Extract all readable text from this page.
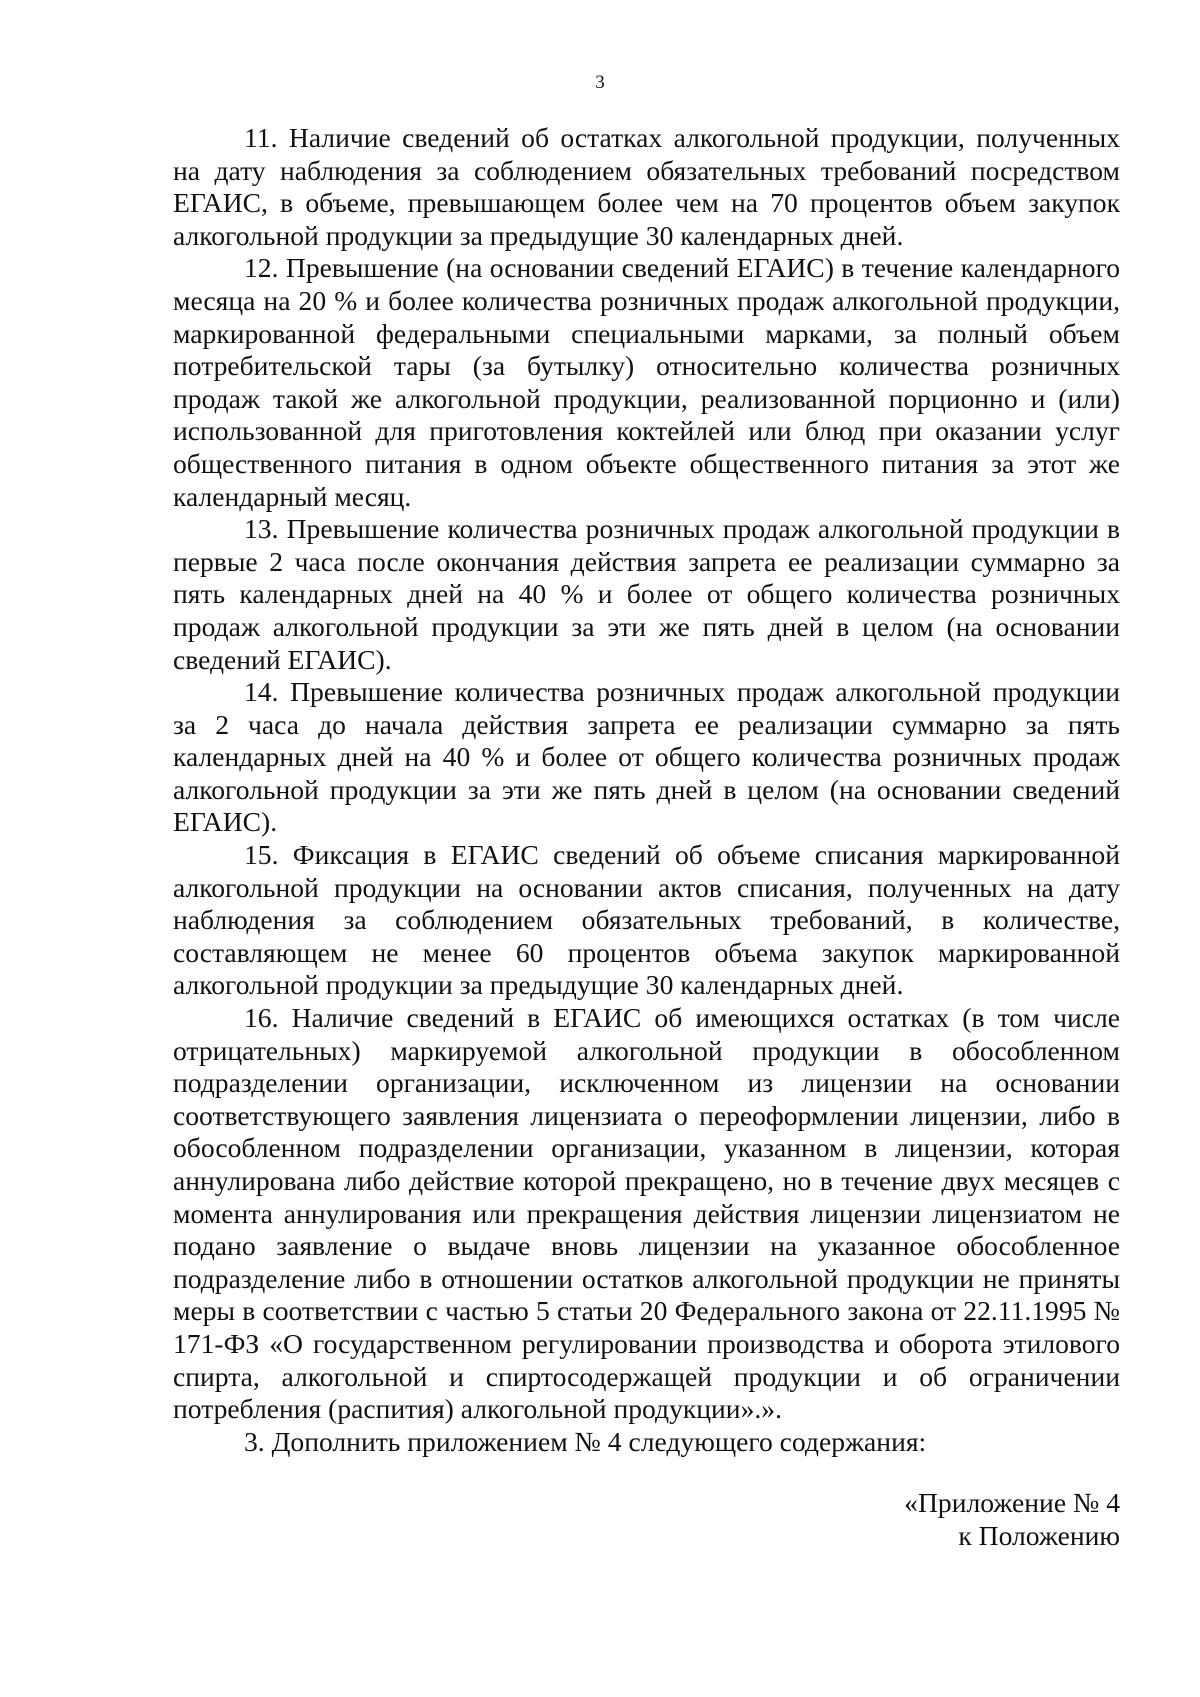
3

11. Наличие сведений об остатках алкогольной продукции, полученных на дату наблюдения за соблюдением обязательных требований посредством ЕГАИС, в объеме, превышающем более чем на 70 процентов объем закупок алкогольной продукции за предыдущие 30 календарных дней.

12. Превышение (на основании сведений ЕГАИС) в течение календарного месяца на 20 % и более количества розничных продаж алкогольной продукции, маркированной федеральными специальными марками, за полный объем потребительской тары (за бутылку) относительно количества розничных продаж такой же алкогольной продукции, реализованной порционно и (или) использованной для приготовления коктейлей или блюд при оказании услуг общественного питания в одном объекте общественного питания за этот же календарный месяц.

13. Превышение количества розничных продаж алкогольной продукции в первые 2 часа после окончания действия запрета ее реализации суммарно за пять календарных дней на 40 % и более от общего количества розничных продаж алкогольной продукции за эти же пять дней в целом (на основании сведений ЕГАИС).

14. Превышение количества розничных продаж алкогольной продукции за 2 часа до начала действия запрета ее реализации суммарно за пять календарных дней на 40 % и более от общего количества розничных продаж алкогольной продукции за эти же пять дней в целом (на основании сведений ЕГАИС).

15. Фиксация в ЕГАИС сведений об объеме списания маркированной алкогольной продукции на основании актов списания, полученных на дату наблюдения за соблюдением обязательных требований, в количестве, составляющем не менее 60 процентов объема закупок маркированной алкогольной продукции за предыдущие 30 календарных дней.

16. Наличие сведений в ЕГАИС об имеющихся остатках (в том числе отрицательных) маркируемой алкогольной продукции в обособленном подразделении организации, исключенном из лицензии на основании соответствующего заявления лицензиата о переоформлении лицензии, либо в обособленном подразделении организации, указанном в лицензии, которая аннулирована либо действие которой прекращено, но в течение двух месяцев с момента аннулирования или прекращения действия лицензии лицензиатом не подано заявление о выдаче вновь лицензии на указанное обособленное подразделение либо в отношении остатков алкогольной продукции не приняты меры в соответствии с частью 5 статьи 20 Федерального закона от 22.11.1995 № 171-ФЗ «О государственном регулировании производства и оборота этилового спирта, алкогольной и спиртосодержащей продукции и об ограничении потребления (распития) алкогольной продукции».».

3. Дополнить приложением № 4 следующего содержания:

«Приложение № 4
к Положению
